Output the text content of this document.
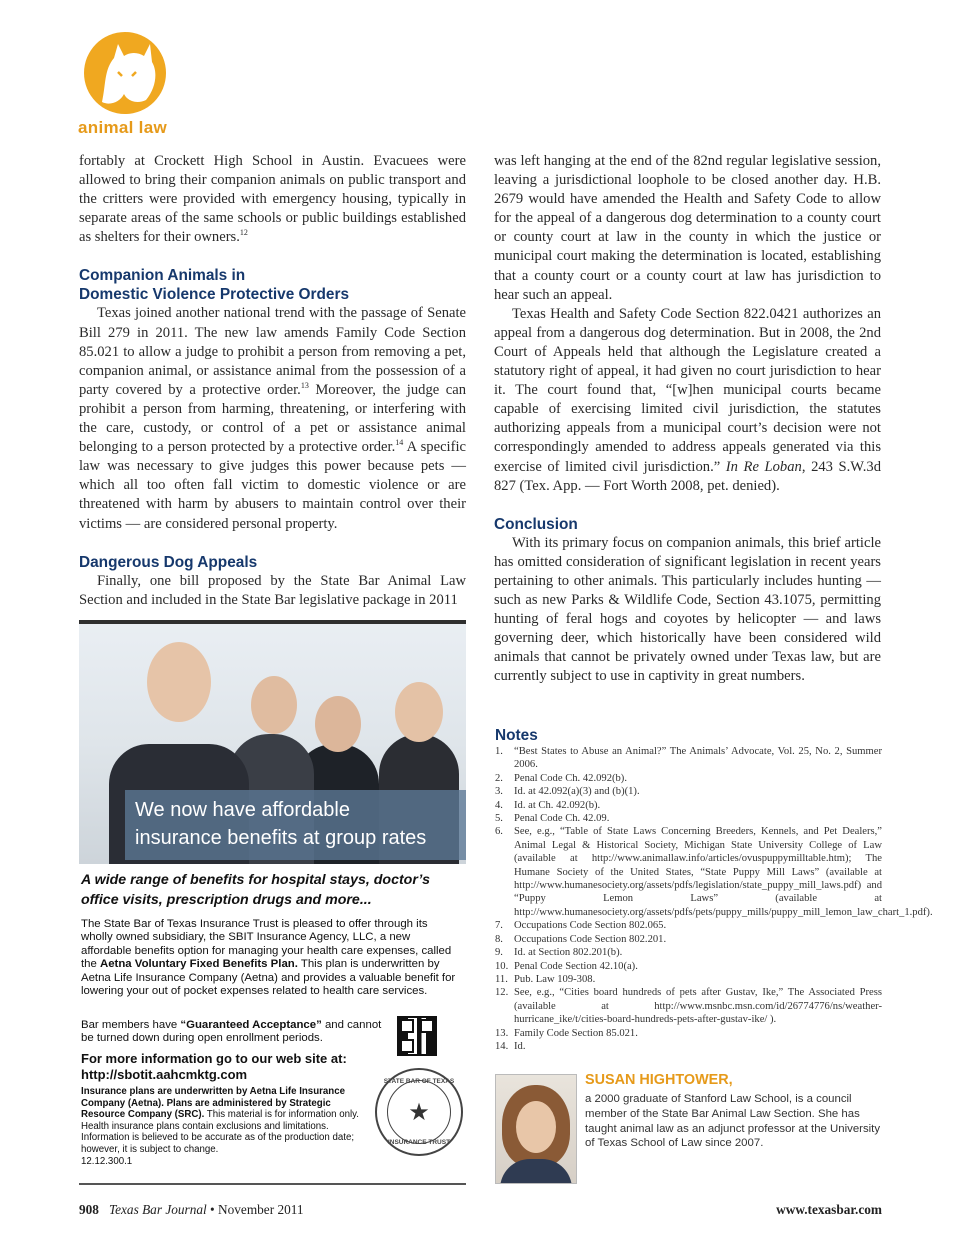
animal law

fortably at Crockett High School in Austin. Evacuees were allowed to bring their companion animals on public transport and the critters were provided with emergency housing, typically in separate areas of the same schools or public buildings established as shelters for their owners.$^{12}$

Companion Animals in
Domestic Violence Protective Orders

Texas joined another national trend with the passage of Senate Bill 279 in 2011. The new law amends Family Code Section 85.021 to allow a judge to prohibit a person from removing a pet, companion animal, or assistance animal from the possession of a party covered by a protective order.$^{13}$ Moreover, the judge can prohibit a person from harming, threatening, or interfering with the care, custody, or control of a pet or assistance animal belonging to a person protected by a protective order.$^{14}$ A specific law was necessary to give judges this power because pets — which all too often fall victim to domestic violence or are threatened with harm by abusers to maintain control over their victims — are considered personal property.

Dangerous Dog Appeals

Finally, one bill proposed by the State Bar Animal Law Section and included in the State Bar legislative package in 2011

was left hanging at the end of the 82nd regular legislative session, leaving a jurisdictional loophole to be closed another day. H.B. 2679 would have amended the Health and Safety Code to allow for the appeal of a dangerous dog determination to a county court or county court at law in the county in which the justice or municipal court making the determination is located, establishing that a county court or a county court at law has jurisdiction to hear such an appeal.

Texas Health and Safety Code Section 822.0421 authorizes an appeal from a dangerous dog determination. But in 2008, the 2nd Court of Appeals held that although the Legislature created a statutory right of appeal, it had given no court jurisdiction to hear it. The court found that, “[w]hen municipal courts became capable of exercising limited civil jurisdiction, the statutes authorizing appeals from a municipal court’s decision were not correspondingly amended to address appeals generated via this exercise of limited civil jurisdiction.” In Re Loban, 243 S.W.3d 827 (Tex. App. — Fort Worth 2008, pet. denied).

Conclusion

With its primary focus on companion animals, this brief article has omitted consideration of significant legislation in recent years pertaining to other animals. This particularly includes hunting — such as new Parks & Wildlife Code, Section 43.1075, permitting hunting of feral hogs and coyotes by helicopter — and laws governing deer, which historically have been considered wild animals that cannot be privately owned under Texas law, but are currently subject to use in captivity in great numbers.

We now have affordable
insurance benefits at group rates
A wide range of benefits for hospital stays, doctor’s office visits, prescription drugs and more...
The State Bar of Texas Insurance Trust is pleased to offer through its wholly owned subsidiary, the SBIT Insurance Agency, LLC, a new affordable benefits option for managing your health care expenses, called the Aetna Voluntary Fixed Benefits Plan. This plan is underwritten by Aetna Life Insurance Company (Aetna) and provides a valuable benefit for lowering your out of pocket expenses related to health care services.
Bar members have “Guaranteed Acceptance” and cannot be turned down during open enrollment periods.
For more information go to our web site at:
http://sbotit.aahcmktg.com
Insurance plans are underwritten by Aetna Life Insurance Company (Aetna). Plans are administered by Strategic Resource Company (SRC). This material is for information only. Health insurance plans contain exclusions and limitations. Information is believed to be accurate as of the production date; however, it is subject to change.
12.12.300.1
STATE BAR OF TEXAS
★
INSURANCE TRUST
Notes
1. “Best States to Abuse an Animal?” The Animals’ Advocate, Vol. 25, No. 2, Summer 2006.
2. Penal Code Ch. 42.092(b).
3. Id. at 42.092(a)(3) and (b)(1).
4. Id. at Ch. 42.092(b).
5. Penal Code Ch. 42.09.
6. See, e.g., “Table of State Laws Concerning Breeders, Kennels, and Pet Dealers,” Animal Legal & Historical Society, Michigan State University College of Law (available at http://www.animallaw.info/articles/ovuspuppymilltable.htm); The Humane Society of the United States, “State Puppy Mill Laws” (available at http://www.humanesociety.org/assets/pdfs/legislation/state_puppy_mill_laws.pdf) and “Puppy Lemon Laws” (available at http://www.humanesociety.org/assets/pdfs/pets/puppy_mills/puppy_mill_lemon_law_chart_1.pdf).
7. Occupations Code Section 802.065.
8. Occupations Code Section 802.201.
9. Id. at Section 802.201(b).
10. Penal Code Section 42.10(a).
11. Pub. Law 109-308.
12. See, e.g., “Cities board hundreds of pets after Gustav, Ike,” The Associated Press (available at http://www.msnbc.msn.com/id/26774776/ns/weather-hurricane_ike/t/cities-board-hundreds-pets-after-gustav-ike/ ).
13. Family Code Section 85.021.
14. Id.
SUSAN HIGHTOWER,
a 2000 graduate of Stanford Law School, is a council member of the State Bar Animal Law Section. She has taught animal law as an adjunct professor at the University of Texas School of Law since 2007.
908 Texas Bar Journal • November 2011	www.texasbar.com
